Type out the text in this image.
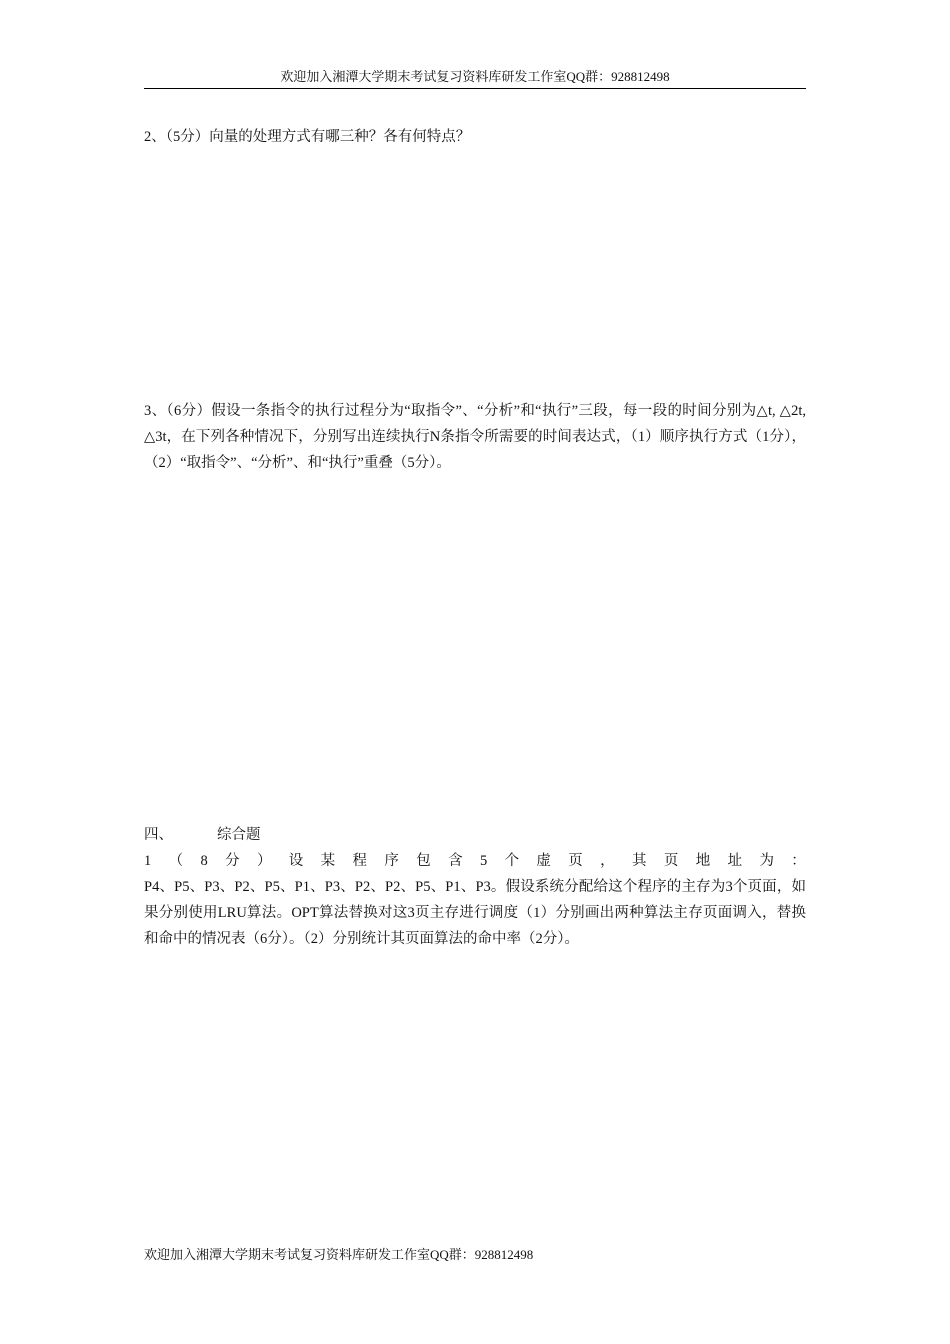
欢迎加入湘潭大学期末考试复习资料库研发工作室QQ群：928812498
2、（5分）向量的处理方式有哪三种？各有何特点？
3、（6分）假设一条指令的执行过程分为“取指令”、“分析”和“执行”三段，每一段的时间分别为△t, △2t, △3t，在下列各种情况下，分别写出连续执行N条指令所需要的时间表达式，（1）顺序执行方式（1分），（2）“取指令”、“分析”、和“执行”重叠（5分）。
四、	综合题
1 （ 8 分 ） 设 某 程 序 包 含 5 个 虚 页 ， 其 页 地 址 为 ：
P4、P5、P3、P2、P5、P1、P3、P2、P2、P5、P1、P3。假设系统分配给这个程序的主存为3个页面，如果分别使用LRU算法。OPT算法替换对这3页主存进行调度（1）分别画出两种算法主存页面调入，替换和命中的情况表（6分）。（2）分别统计其页面算法的命中率（2分）。
欢迎加入湘潭大学期末考试复习资料库研发工作室QQ群：928812498
